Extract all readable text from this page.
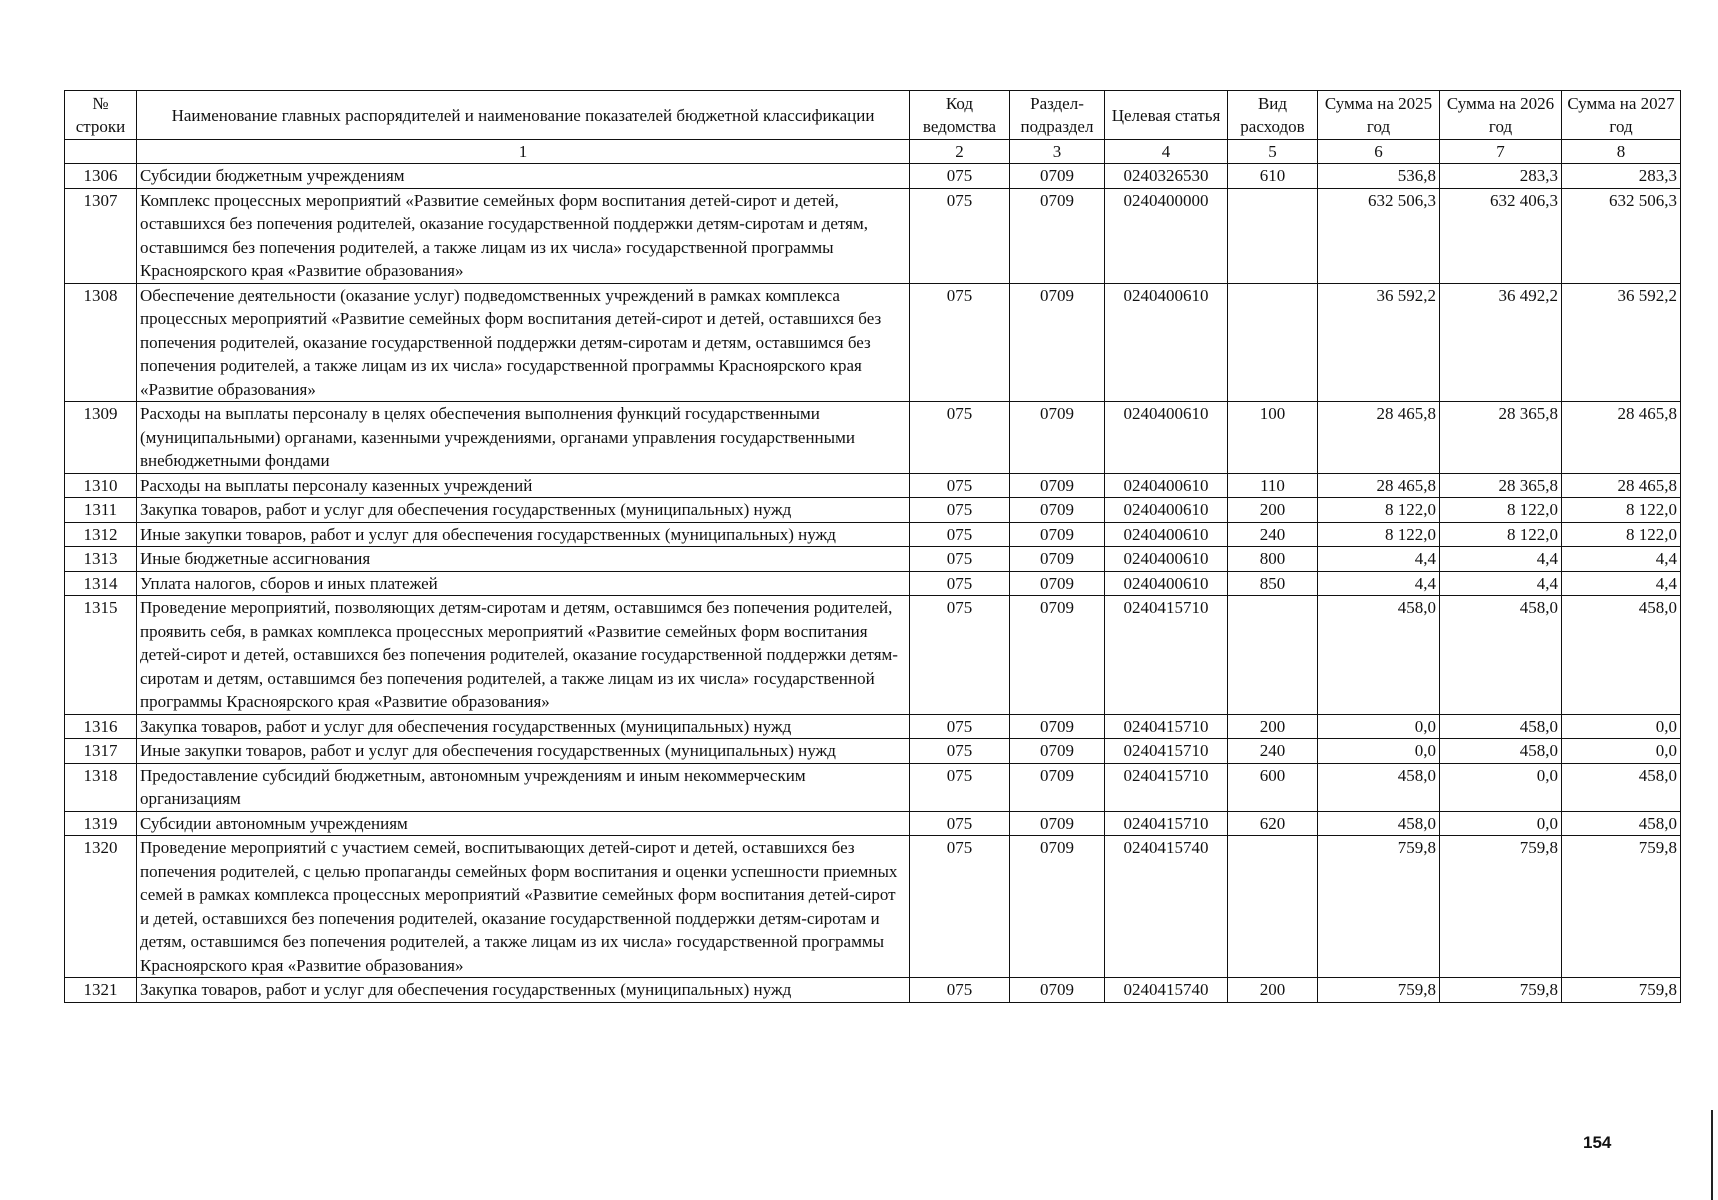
№ строки	Наименование главных распорядителей и наименование показателей бюджетной классификации	Код ведомства	Раздел-подраздел	Целевая статья	Вид расходов	Сумма на 2025 год	Сумма на 2026 год	Сумма на 2027 год
	1	2	3	4	5	6	7	8
1306	Субсидии бюджетным учреждениям	075	0709	0240326530	610	536,8	283,3	283,3
1307	Комплекс процессных мероприятий «Развитие семейных форм воспитания детей-сирот и детей, оставшихся без попечения родителей, оказание государственной поддержки детям-сиротам и детям, оставшимся без попечения родителей, а также лицам из их числа» государственной программы Красноярского края «Развитие образования»	075	0709	0240400000		632 506,3	632 406,3	632 506,3
1308	Обеспечение деятельности (оказание услуг) подведомственных учреждений в рамках комплекса процессных мероприятий «Развитие семейных форм воспитания детей-сирот и детей, оставшихся без попечения родителей, оказание государственной поддержки детям-сиротам и детям, оставшимся без попечения родителей, а также лицам из их числа» государственной программы Красноярского края «Развитие образования»	075	0709	0240400610		36 592,2	36 492,2	36 592,2
1309	Расходы на выплаты персоналу в целях обеспечения выполнения функций государственными (муниципальными) органами, казенными учреждениями, органами управления государственными внебюджетными фондами	075	0709	0240400610	100	28 465,8	28 365,8	28 465,8
1310	Расходы на выплаты персоналу казенных учреждений	075	0709	0240400610	110	28 465,8	28 365,8	28 465,8
1311	Закупка товаров, работ и услуг для обеспечения государственных (муниципальных) нужд	075	0709	0240400610	200	8 122,0	8 122,0	8 122,0
1312	Иные закупки товаров, работ и услуг для обеспечения государственных (муниципальных) нужд	075	0709	0240400610	240	8 122,0	8 122,0	8 122,0
1313	Иные бюджетные ассигнования	075	0709	0240400610	800	4,4	4,4	4,4
1314	Уплата налогов, сборов и иных платежей	075	0709	0240400610	850	4,4	4,4	4,4
1315	Проведение мероприятий, позволяющих детям-сиротам и детям, оставшимся без попечения родителей, проявить себя, в рамках комплекса процессных мероприятий «Развитие семейных форм воспитания детей-сирот и детей, оставшихся без попечения родителей, оказание государственной поддержки детям-сиротам и детям, оставшимся без попечения родителей, а также лицам из их числа» государственной программы Красноярского края «Развитие образования»	075	0709	0240415710		458,0	458,0	458,0
1316	Закупка товаров, работ и услуг для обеспечения государственных (муниципальных) нужд	075	0709	0240415710	200	0,0	458,0	0,0
1317	Иные закупки товаров, работ и услуг для обеспечения государственных (муниципальных) нужд	075	0709	0240415710	240	0,0	458,0	0,0
1318	Предоставление субсидий бюджетным, автономным учреждениям и иным некоммерческим организациям	075	0709	0240415710	600	458,0	0,0	458,0
1319	Субсидии автономным учреждениям	075	0709	0240415710	620	458,0	0,0	458,0
1320	Проведение мероприятий с участием семей, воспитывающих детей-сирот и детей, оставшихся без попечения родителей, с целью пропаганды семейных форм воспитания и оценки успешности приемных семей в рамках комплекса процессных мероприятий «Развитие семейных форм воспитания детей-сирот и детей, оставшихся без попечения родителей, оказание государственной поддержки детям-сиротам и детям, оставшимся без попечения родителей, а также лицам из их числа» государственной программы Красноярского края «Развитие образования»	075	0709	0240415740		759,8	759,8	759,8
1321	Закупка товаров, работ и услуг для обеспечения государственных (муниципальных) нужд	075	0709	0240415740	200	759,8	759,8	759,8
154
